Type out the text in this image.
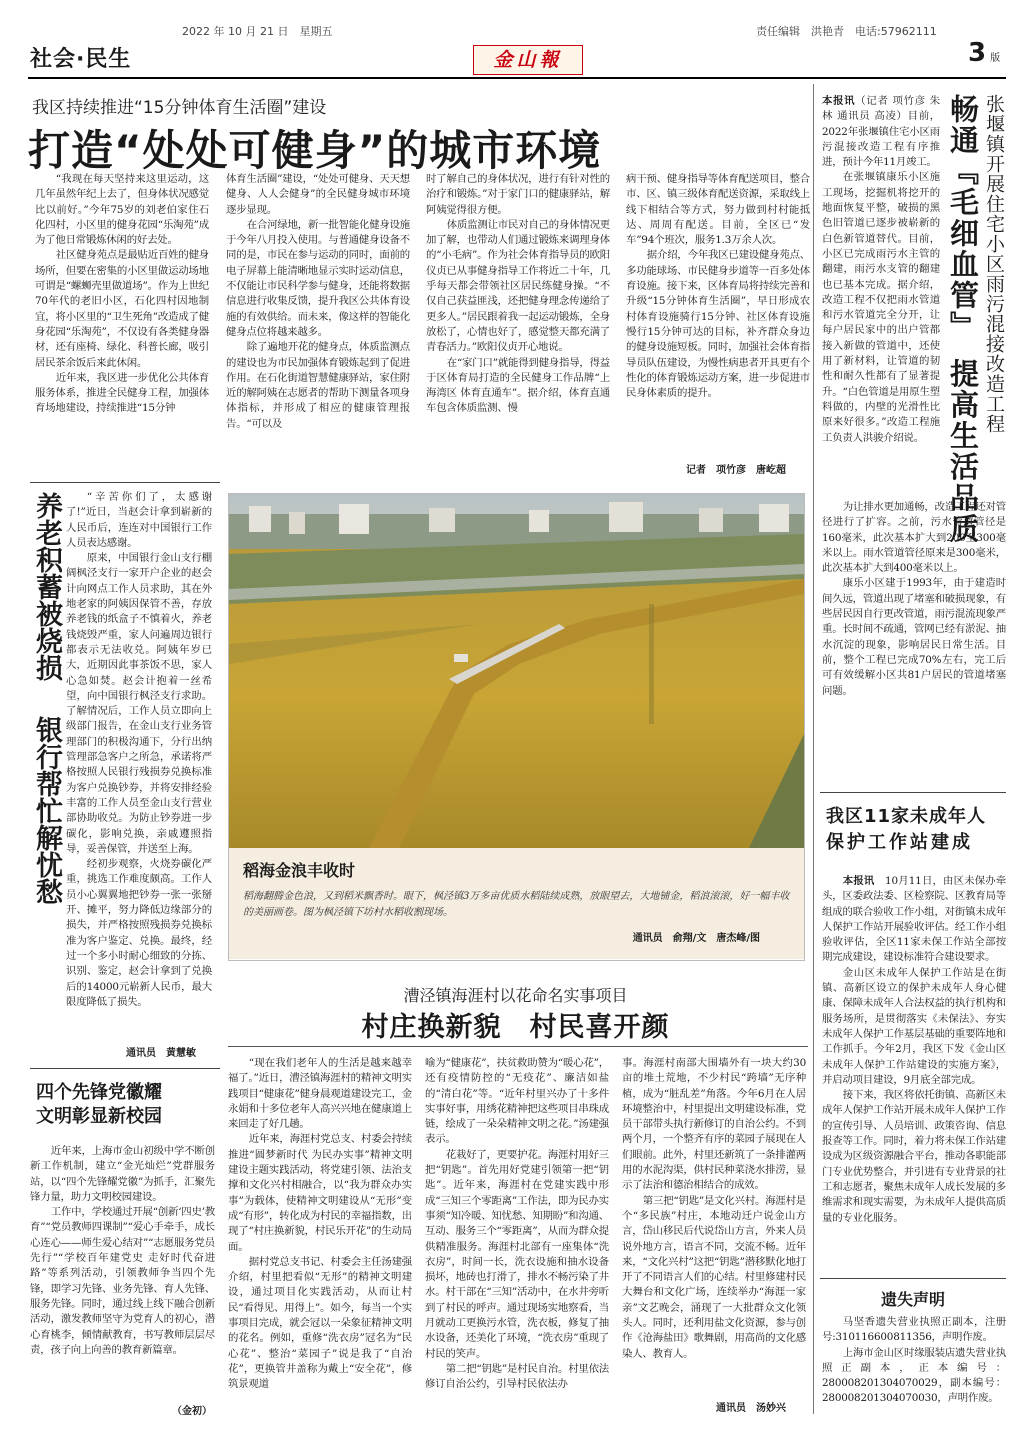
2022 年 10 月 21 日　星期五	责任编辑　洪艳青　电话:57962111
社会·民生	金山報	3 版
我区持续推进“15分钟体育生活圈”建设
打造“处处可健身”的城市环境

“我现在每天坚持来这里运动，这几年虽然年纪上去了，但身体状况感觉比以前好。”今年75岁的刘老伯家住石化四村，小区里的健身花园“乐淘苑”成为了他日常锻炼休闲的好去处。

社区健身苑点是最贴近百姓的健身场所，但要在密集的小区里做运动场地可谓是“螺蛳壳里做道场”。作为上世纪70年代的老旧小区，石化四村因地制宜，将小区里的“卫生死角”改造成了健身花园“乐淘苑”，不仅设有各类健身器材，还有座椅、绿化、科普长廊，吸引居民茶余饭后来此休闲。

近年来，我区进一步优化公共体育服务体系，推进全民健身工程，加强体育场地建设，持续推进“15分钟

体育生活圈”建设，“处处可健身、天天想健身、人人会健身”的全民健身城市环境逐步显现。

在合河绿地，新一批智能化健身设施于今年八月投入使用。与普通健身设备不同的是，市民在参与运动的同时，面前的电子屏幕上能清晰地显示实时运动信息，不仅能让市民科学参与健身，还能将数据信息进行收集反馈，提升我区公共体育设施的有效供给。而未来，像这样的智能化健身点位将越来越多。

除了遍地开花的健身点，体质监测点的建设也为市民加强体育锻炼起到了促进作用。在石化街道智慧健康驿站，家住附近的解阿姨在志愿者的帮助下测量各项身体指标，并形成了相应的健康管理报告。“可以及

时了解自己的身体状况，进行有针对性的治疗和锻炼。”对于家门口的健康驿站，解阿姨觉得很方便。

体质监测让市民对自己的身体情况更加了解，也带动人们通过锻炼来调理身体的“小毛病”。作为社会体育指导员的欧阳仪贞已从事健身指导工作将近二十年，几乎每天都会带领社区居民练健身操。“不仅自己获益匪浅，还把健身理念传递给了更多人。”居民跟着我一起运动锻炼，全身放松了，心情也好了，感觉整天都充满了青春活力。”欧阳仪贞开心地说。

在“家门口”就能得到健身指导，得益于区体育局打造的全民健身工作品牌“上海湾区 体育直通车”。据介绍，体育直通车包含体质监测、慢

病干预、健身指导等体育配送项目，整合市、区、镇三级体育配送资源，采取线上线下相结合等方式，努力做到村村能抵达、周周有配送。目前，全区已“发车”94个班次，服务1.3万余人次。

据介绍，今年我区已建设健身苑点、多功能球场、市民健身步道等一百多处体育设施。接下来，区体育局将持续完善和升级“15分钟体育生活圈”，早日形成农村体育设施骑行15分钟、社区体育设施慢行15分钟可达的目标，补齐群众身边的健身设施短板。同时，加强社会体育指导员队伍建设，为慢性病患者开具更有个性化的体育锻炼运动方案，进一步促进市民身体素质的提升。

记者　项竹彦　唐屹超
养老积蓄被烧损
银行帮忙解忧愁

“辛苦你们了，太感谢了!”近日，当赵会计拿到崭新的人民币后，连连对中国银行工作人员表达感谢。

原来，中国银行金山支行棚阔枫泾支行一家开户企业的赵会计向网点工作人员求助，其在外地老家的阿姨因保管不善，存放养老钱的纸盒子不慎着火，养老钱烧毁严重，家人问遍周边银行都表示无法收兑。阿姨年岁已大，近期因此事茶饭不思，家人心急如焚。赵会计抱着一丝希望，向中国银行枫泾支行求助。了解情况后，工作人员立即向上级部门报告，在金山支行业务管理部门的积极沟通下，分行出纳管理部急客户之所急，承诺将严格按照人民银行残损券兑换标准为客户兑换钞券，并将安排经验丰富的工作人员至金山支行营业部协助收兑。为防止钞券进一步碳化，影响兑换，亲戚遵照指导，妥善保管，并送至上海。

经初步观察，火烧券碳化严重，挑选工作难度颇高。工作人员小心翼翼地把钞券一张一张掰开、摊平，努力降低边缘部分的损失，并严格按照残损券兑换标准为客户鉴定、兑换。最终，经过一个多小时耐心细致的分拣、识别、鉴定，赵会计拿到了兑换后的14000元崭新人民币，最大限度降低了损失。

通讯员　黄慧敏
四个先锋党徽耀
文明彰显新校园

近年来，上海市金山初级中学不断创新工作机制，建立“金光灿烂”党群服务站，以“四个先锋耀党徽”为抓手，汇聚先锋力量，助力文明校园建设。

工作中，学校通过开展“创新‘四史’教育”“党员教师四课制”“爱心手牵手，成长心连心——师生爱心结对”“志愿服务党员先行”“学校百年建党史 走好时代奋进路”等系列活动，引领教师争当四个先锋，即学习先锋、业务先锋、育人先锋、服务先锋。同时，通过线上线下融合创新活动，激发教师坚守为党育人的初心，潜心育桃李，倾情献教育，书写教师层层尽责，孩子向上向善的教育新篇章。

（金初）
稻海金浪丰收时
稻海翻腾金色浪，又到稻米飘香时。眼下，枫泾镇3万多亩优质水稻陆续成熟，放眼望去，大地铺金，稻浪滚滚，好一幅丰收的美丽画卷。图为枫泾镇下坊村水稻收割现场。
通讯员　俞翔/文　唐杰峰/图
漕泾镇海涯村以花命名实事项目
村庄换新貌　村民喜开颜

“现在我们老年人的生活是越来越幸福了。”近日，漕泾镇海涯村的精神文明实践项目“健康花”健身晨观道建设完工，金永娟和十多位老年人高兴兴地在健康道上来回走了好几趟。

近年来，海涯村党总支、村委会持续推进“圆梦新时代 为民办实事”精神文明建设主题实践活动，将党建引领、法治支撑和文化兴村相融合，以“我为群众办实事”为载体，使精神文明建设从“无形”变成“有形”，转化成为村民的幸福指数，出现了“村庄换新貌，村民乐开花”的生动局面。

据村党总支书记、村委会主任汤建强介绍，村里把看似“无形”的精神文明建设，通过项目化实践活动，从而让村民“看得见、用得上”。如今，每当一个实事项目完成，就会冠以一朵象征精神文明的花名。例如，重修“洗衣房”冠名为“民心花”、整治“菜园子”说是我了“自治花”，更换管井盖称为戴上“安全花”，修筑景观道

喻为“健康花”，扶贫救助赞为“暖心花”，还有疫情防控的“无疫花”、廉洁如盐的“清白花”等。“近年村里兴办了十多件实事好事，用绣花精神把这些项目串珠成链，绘成了一朵朵精神文明之花。”汤建强表示。

花栽好了，更要护花。海涯村用好三把“钥匙”。首先用好党建引领第一把“钥匙”。近年来，海涯村在党建实践中形成“三知三个零距离”工作法，即为民办实事须“知冷暖、知忧愁、知期盼”和沟通、互动、服务三个“零距离”，从而为群众提供精准服务。海涯村北部有一座集体“洗衣房”，时间一长，洗衣设施和抽水设备损坏，地砖也打滑了，排水不畅污染了井水。村干部在“三知”活动中，在水井旁听到了村民的呼声。通过现场实地察看，当月就动工更换污水管，洗衣板，修复了抽水设备，还美化了环境，“洗衣房”重现了村民的笑声。

第二把“钥匙”是村民自治。村里依法修订自治公约，引导村民依法办

事。海涯村南部大围墙外有一块大约30亩的堆土荒地，不少村民“跨墙”无序种植，成为“脏乱差”角落。今年6月在人居环境整治中，村里提出文明建设标准，党员干部带头执行新修订的自治公约。不到两个月，一个整齐有序的菜园子展现在人们眼前。此外，村里还新筑了一条排灌两用的水泥沟渠，供村民种菜浇水排涝，显示了法治和德治相结合的成效。

第三把“钥匙”是文化兴村。海涯村是个“多民族”村庄，本地动迁户说金山方言，岱山移民后代说岱山方言，外来人员说外地方言，语言不同，交流不畅。近年来，“文化兴村”这把“钥匙”潜移默化地打开了不同语言人们的心结。村里修建村民大舞台和文化广场，连续举办“海涯一家亲”文艺晚会，涌现了一大批群众文化领头人。同时，还利用盐文化资源，参与创作《沧海盐田》歌舞剧，用高尚的文化感染人、教育人。

通讯员　汤妙兴

本报讯（记者 项竹彦 朱林 通讯员 高凌）目前，2022年张堰镇住宅小区雨污混接改造工程有序推进，预计今年11月竣工。

在张堰镇康乐小区施工现场，挖掘机将挖开的地面恢复平整，破损的黑色旧管道已逐步被崭新的白色新管道替代。目前，小区已完成雨污水主管的翻建，雨污水支管的翻建也已基本完成。据介绍，改造工程不仅把雨水管道和污水管道完全分开，让每户居民家中的出户管都接入新做的管道中，还使用了新材料，让管道的韧性和耐久性都有了显著提升。“白色管道是用原生塑料做的，内壁的光滑性比原来好很多。”改造工程施工负责人洪骏介绍说。 畅通『毛细血管』　提高生活品质 张堰镇开展住宅小区雨污混接改造工程

为让排水更加通畅，改造工程还对管径进行了扩容。之前，污水管道管径是160毫米，此次基本扩大到200至300毫米以上。雨水管道管径原来是300毫米，此次基本扩大到400毫米以上。

康乐小区建于1993年，由于建造时间久远，管道出现了堵塞和破损现象，有些居民因自行更改管道，雨污混流现象严重。长时间不疏通，管网已经有淤泥、抽水沉淀的现象，影响居民日常生活。目前，整个工程已完成70%左右，完工后可有效缓解小区共81户居民的管道堵塞问题。

我区11家未成年人
保护工作站建成

本报讯　 10月11日，由区未保办牵头，区委政法委、区检察院、区教育局等组成的联合验收工作小组，对街镇未成年人保护工作站开展验收评估。经工作小组验收评估，全区11家未保工作站全部按期完成建设，建设标准符合建设要求。

金山区未成年人保护工作站是在街镇、高新区设立的保护未成年人身心健康、保障未成年人合法权益的执行机构和服务场所，是贯彻落实《未保法》、夯实未成年人保护工作基层基础的重要阵地和工作抓手。今年2月，我区下发《金山区未成年人保护工作站建设的实施方案》，并启动项目建设，9月底全部完成。

接下来，我区将依托街镇、高新区未成年人保护工作站开展未成年人保护工作的宣传引导、人员培训、政策咨询、信息报查等工作。同时，着力将未保工作站建设成为区级资源融合平台，推动各职能部门专业优势整合，并引进有专业背景的社工和志愿者，聚焦未成年人成长发展的多维需求和现实需要，为未成年人提供高质量的专业化服务。

遗失声明

马坚香遗失营业执照正副本，注册号:310116600811356，声明作废。

上海市金山区时缘服装店遗失营业执照正副本，正本编号：280008201304070029，副本编号：280008201304070030，声明作废。
